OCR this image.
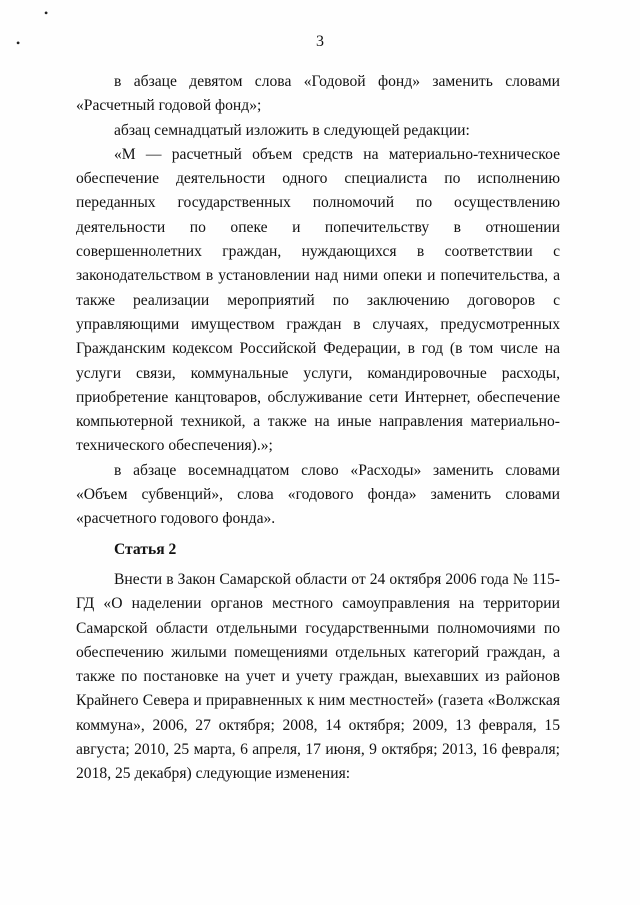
•
•	3

в абзаце девятом слова «Годовой фонд» заменить словами «Расчетный годовой фонд»;

абзац семнадцатый изложить в следующей редакции:

«М — расчетный объем средств на материально-техническое обеспечение деятельности одного специалиста по исполнению переданных государственных полномочий по осуществлению деятельности по опеке и попечительству в отношении совершеннолетних граждан, нуждающихся в соответствии с законодательством в установлении над ними опеки и попечительства, а также реализации мероприятий по заключению договоров с управляющими имуществом граждан в случаях, предусмотренных Гражданским кодексом Российской Федерации, в год (в том числе на услуги связи, коммунальные услуги, командировочные расходы, приобретение канцтоваров, обслуживание сети Интернет, обеспечение компьютерной техникой, а также на иные направления материально-технического обеспечения).»;

в абзаце восемнадцатом слово «Расходы» заменить словами «Объем субвенций», слова «годового фонда» заменить словами «расчетного годового фонда».

Статья 2

Внести в Закон Самарской области от 24 октября 2006 года № 115-ГД «О наделении органов местного самоуправления на территории Самарской области отдельными государственными полномочиями по обеспечению жилыми помещениями отдельных категорий граждан, а также по постановке на учет и учету граждан, выехавших из районов Крайнего Севера и приравненных к ним местностей» (газета «Волжская коммуна», 2006, 27 октября; 2008, 14 октября; 2009, 13 февраля, 15 августа; 2010, 25 марта, 6 апреля, 17 июня, 9 октября; 2013, 16 февраля; 2018, 25 декабря) следующие изменения:
